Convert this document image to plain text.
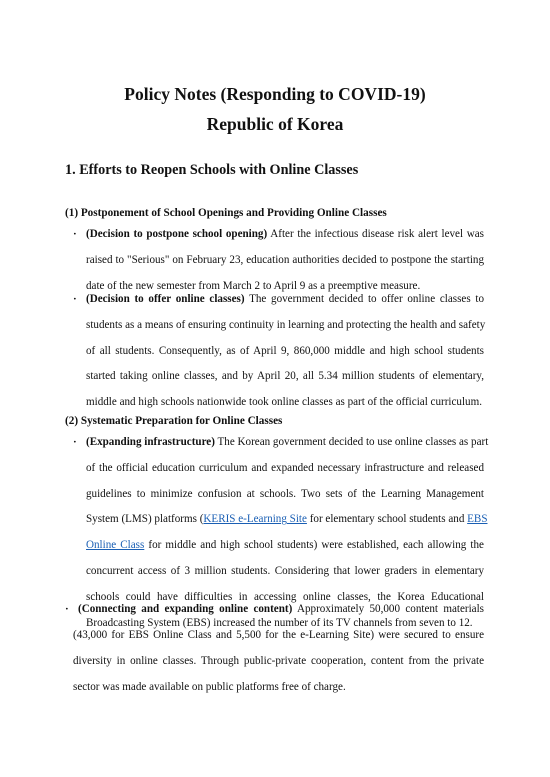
Policy Notes (Responding to COVID-19)
Republic of Korea
1. Efforts to Reopen Schools with Online Classes
(1) Postponement of School Openings and Providing Online Classes
· (Decision to postpone school opening) After the infectious disease risk alert level was
raised to "Serious" on February 23, education authorities decided to postpone the starting
date of the new semester from March 2 to April 9 as a preemptive measure.
· (Decision to offer online classes) The government decided to offer online classes to
students as a means of ensuring continuity in learning and protecting the health and safety
of all students. Consequently, as of April 9, 860,000 middle and high school students
started taking online classes, and by April 20, all 5.34 million students of elementary,
middle and high schools nationwide took online classes as part of the official curriculum.
(2) Systematic Preparation for Online Classes
· (Expanding infrastructure) The Korean government decided to use online classes as part
of the official education curriculum and expanded necessary infrastructure and released
guidelines to minimize confusion at schools. Two sets of the Learning Management
System (LMS) platforms (KERIS e-Learning Site for elementary school students and EBS
Online Class for middle and high school students) were established, each allowing the
concurrent access of 3 million students. Considering that lower graders in elementary
schools could have difficulties in accessing online classes, the Korea Educational
Broadcasting System (EBS) increased the number of its TV channels from seven to 12.
· (Connecting and expanding online content) Approximately 50,000 content materials
(43,000 for EBS Online Class and 5,500 for the e-Learning Site) were secured to ensure
diversity in online classes. Through public-private cooperation, content from the private
sector was made available on public platforms free of charge.
